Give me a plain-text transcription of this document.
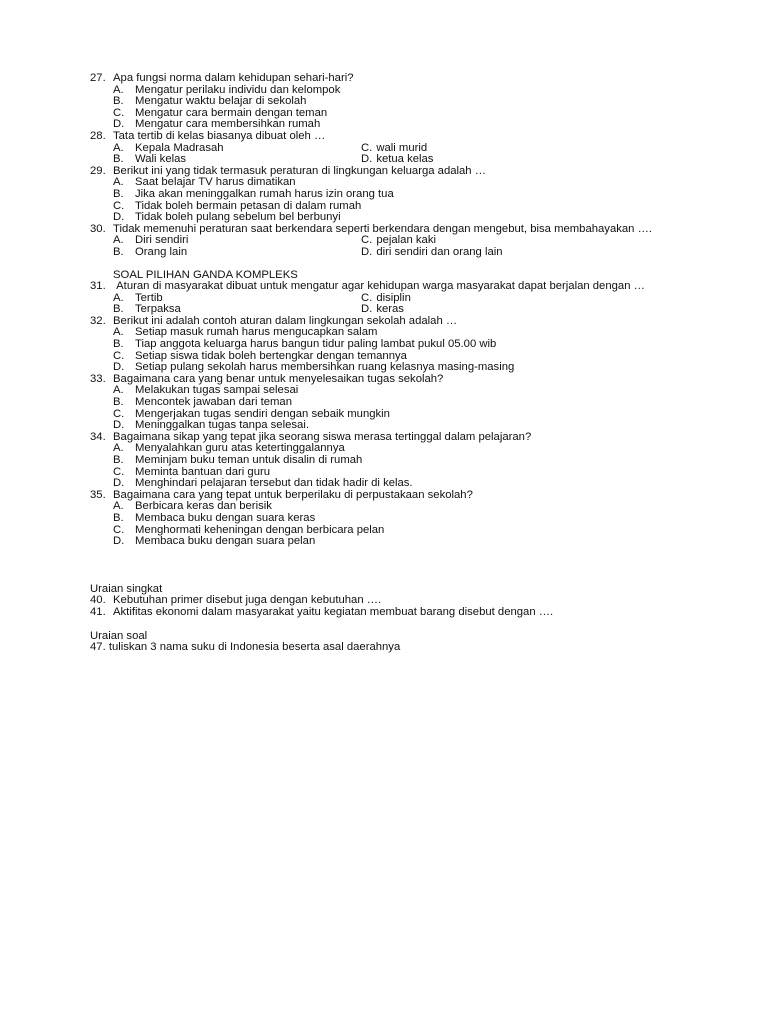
27. Apa fungsi norma dalam kehidupan sehari-hari?
A.	Mengatur perilaku individu dan kelompok
B.	Mengatur waktu belajar di sekolah
C. Mengatur cara bermain dengan teman
D. Mengatur cara membersihkan rumah
28. Tata tertib di kelas biasanya dibuat oleh …
A.	Kepala Madrasah	C. wali murid
B.	Wali kelas	D. ketua kelas
29. Berikut ini yang tidak termasuk peraturan di lingkungan keluarga adalah …
A.	Saat belajar TV harus dimatikan
B.	Jika akan meninggalkan rumah harus izin orang tua
C. Tidak boleh bermain petasan di dalam rumah
D. Tidak boleh pulang sebelum bel berbunyi
30. Tidak memenuhi peraturan saat berkendara seperti berkendara dengan mengebut, bisa membahayakan ….
A.	Diri sendiri	C. pejalan kaki
B.	Orang lain	D. diri sendiri dan orang lain
SOAL PILIHAN GANDA KOMPLEKS
31. Aturan di masyarakat dibuat untuk mengatur agar kehidupan warga masyarakat dapat berjalan dengan …
A.	Tertib	C. disiplin
B.	Terpaksa	D. keras
32. Berikut ini adalah contoh aturan dalam lingkungan sekolah adalah …
A.	Setiap masuk rumah harus mengucapkan salam
B.	Tiap anggota keluarga harus bangun tidur paling lambat pukul 05.00 wib
C. Setiap siswa tidak boleh bertengkar dengan temannya
D. Setiap pulang sekolah harus membersihkan ruang kelasnya masing-masing
33. Bagaimana cara yang benar untuk menyelesaikan tugas sekolah?
A.	Melakukan tugas sampai selesai
B.	Mencontek jawaban dari teman
C. Mengerjakan tugas sendiri dengan sebaik mungkin
D. Meninggalkan tugas tanpa selesai.
34. Bagaimana sikap yang tepat jika seorang siswa merasa tertinggal dalam pelajaran?
A.	Menyalahkan guru atas ketertinggalannya
B.	Meminjam buku teman untuk disalin di rumah
C. Meminta bantuan dari guru
D. Menghindari pelajaran tersebut dan tidak hadir di kelas.
35. Bagaimana cara yang tepat untuk berperilaku di perpustakaan sekolah?
A.	Berbicara keras dan berisik
B.	Membaca buku dengan suara keras
C. Menghormati keheningan dengan berbicara pelan
D. Membaca buku dengan suara pelan
Uraian singkat
40. Kebutuhan primer disebut juga dengan kebutuhan ….
41. Aktifitas ekonomi dalam masyarakat yaitu kegiatan membuat barang disebut dengan ….
Uraian soal
47. tuliskan 3 nama suku di Indonesia beserta asal daerahnya
